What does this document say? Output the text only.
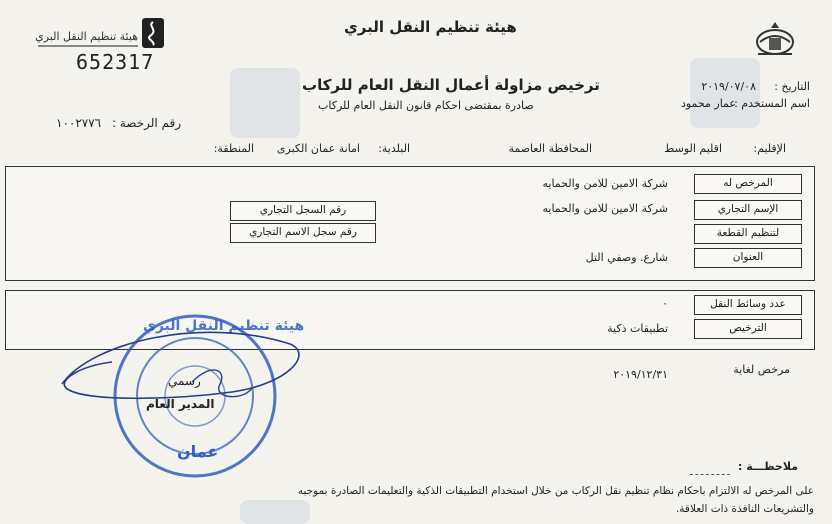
هيئة تنظيم النقل البري
652317
هيئة تنظيم النقل البري
ترخيص مزاولة أعمال النقل العام للركاب
صادرة بمقتضى احكام قانون النقل العام للركاب
التاريخ :
٢٠١٩/٠٧/٠٨
اسم المستخدم :
عمار محمود
رقم الرخصة :
١٠٠٢٧٧٦
الإقليم:
اقليم الوسط
المحافظة العاصمة
البلدية:
امانة عمان الكبرى
المنطقة:
المرخص له
الإسم التجاري
لتنظيم القطعة
العنوان
شركة الامين للامن والحمايه
شركة الامين للامن والحمايه
شارع. وصفي التل
رقم السجل التجاري
رقم سجل الاسم التجاري
عدد وسائط النقل
الترخيص
٠
تطبيقات ذكية
مرخص لغاية
٢٠١٩/١٢/٣١
هيئة تنظيم النقل البري
عمان
رسمي
المدير العام
ملاحظـــة :
على المرخص له الالتزام باحكام نظام تنظيم نقل الركاب من خلال استخدام التطبيقات الذكية والتعليمات الصادرة بموجبه
والتشريعات النافذة ذات العلاقة.
